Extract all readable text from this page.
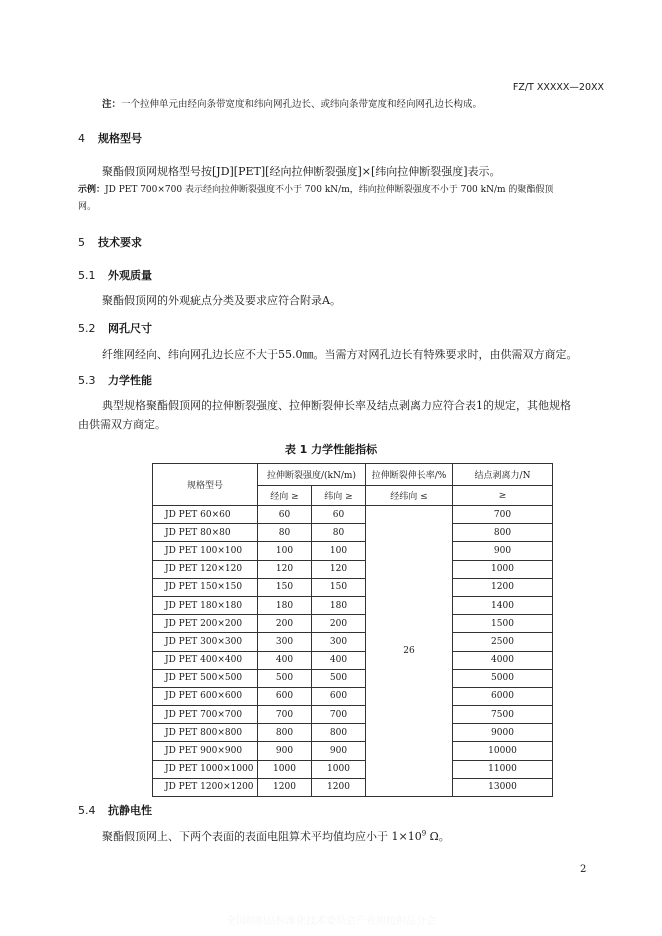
FZ/T XXXXX—20XX
注：一个拉伸单元由经向条带宽度和纬向网孔边长、或纬向条带宽度和经向网孔边长构成。
4 规格型号
聚酯假顶网规格型号按[JD][PET][经向拉伸断裂强度]×[纬向拉伸断裂强度]表示。
示例：JD PET 700×700 表示经向拉伸断裂强度不小于 700 kN/m，纬向拉伸断裂强度不小于 700 kN/m 的聚酯假顶
网。
5 技术要求
5.1 外观质量
聚酯假顶网的外观疵点分类及要求应符合附录A。
5.2 网孔尺寸
纤维网经向、纬向网孔边长应不大于55.0㎜。当需方对网孔边长有特殊要求时，由供需双方商定。
5.3 力学性能
典型规格聚酯假顶网的拉伸断裂强度、拉伸断裂伸长率及结点剥离力应符合表1的规定，其他规格
由供需双方商定。
表 1 力学性能指标
规格型号	拉伸断裂强度/(kN/m)		拉伸断裂伸长率/%	结点剥离力/N
	经向 ≥	纬向 ≥	经纬向 ≤	≥
JD PET 60×60	60	60	26	700
JD PET 80×80	80	80		800
JD PET 100×100	100	100		900
JD PET 120×120	120	120		1000
JD PET 150×150	150	150		1200
JD PET 180×180	180	180		1400
JD PET 200×200	200	200		1500
JD PET 300×300	300	300		2500
JD PET 400×400	400	400		4000
JD PET 500×500	500	500		5000
JD PET 600×600	600	600		6000
JD PET 700×700	700	700		7500
JD PET 800×800	800	800		9000
JD PET 900×900	900	900		10000
JD PET 1000×1000	1000	1000		11000
JD PET 1200×1200	1200	1200		13000
5.4 抗静电性
聚酯假顶网上、下两个表面的表面电阻算术平均值均应小于 $1\times 10^9$ Ω。
2
全国纺织品标准化技术委员会产业用纺织品分会
